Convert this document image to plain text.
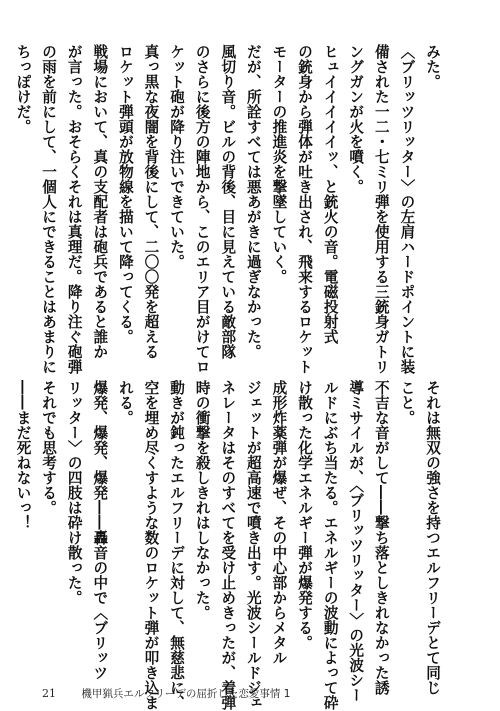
みた。
〈ブリッツリッター〉の左肩ハードポイントに装
備された一二・七ミリ弾を使用する三銃身ガトリ
ングガンが火を噴く。
ヒュイイイイイッ、と銃火の音。電磁投射式
の銃身から弾体が吐き出され、飛来するロケット
モーターの推進炎を撃墜していく。
だが、所詮すべては悪あがきに過ぎなかった。
風切り音。ビルの背後、目に見えている敵部隊
のさらに後方の陣地から、このエリア目がけてロ
ケット砲が降り注いできていた。
真っ黒な夜闇を背後にして、二〇〇発を超える
ロケット弾頭が放物線を描いて降ってくる。
戦場において、真の支配者は砲兵であると誰か
が言った。おそらくそれは真理だ。降り注ぐ砲弾
の雨を前にして、一個人にできることはあまりに
ちっぽけだ。
それは無双の強さを持つエルフリーデとて同じ
こと。
不吉な音がして――撃ち落としきれなかった誘
導ミサイルが、〈ブリッツリッター〉の光波シー
ルドにぶち当たる。エネルギーの波動によって砕
け散った化学エネルギー弾が爆発する。
成形炸薬弾が爆ぜ、その中心部からメタル
ジェットが超高速で噴き出す。光波シールドジェ
ネレータはそのすべてを受け止めきったが、着弾
時の衝撃を殺しきれはしなかった。
動きが鈍ったエルフリーデに対して、無慈悲に、
空を埋め尽くすような数のロケット弾が叩き込ま
れる。
爆発、爆発、爆発――轟音の中で〈ブリッツ
リッター〉の四肢は砕け散った。
それでも思考する。
――まだ死ねないっ！
21 機甲猟兵エルフリーデの屈折した恋愛事情 1
